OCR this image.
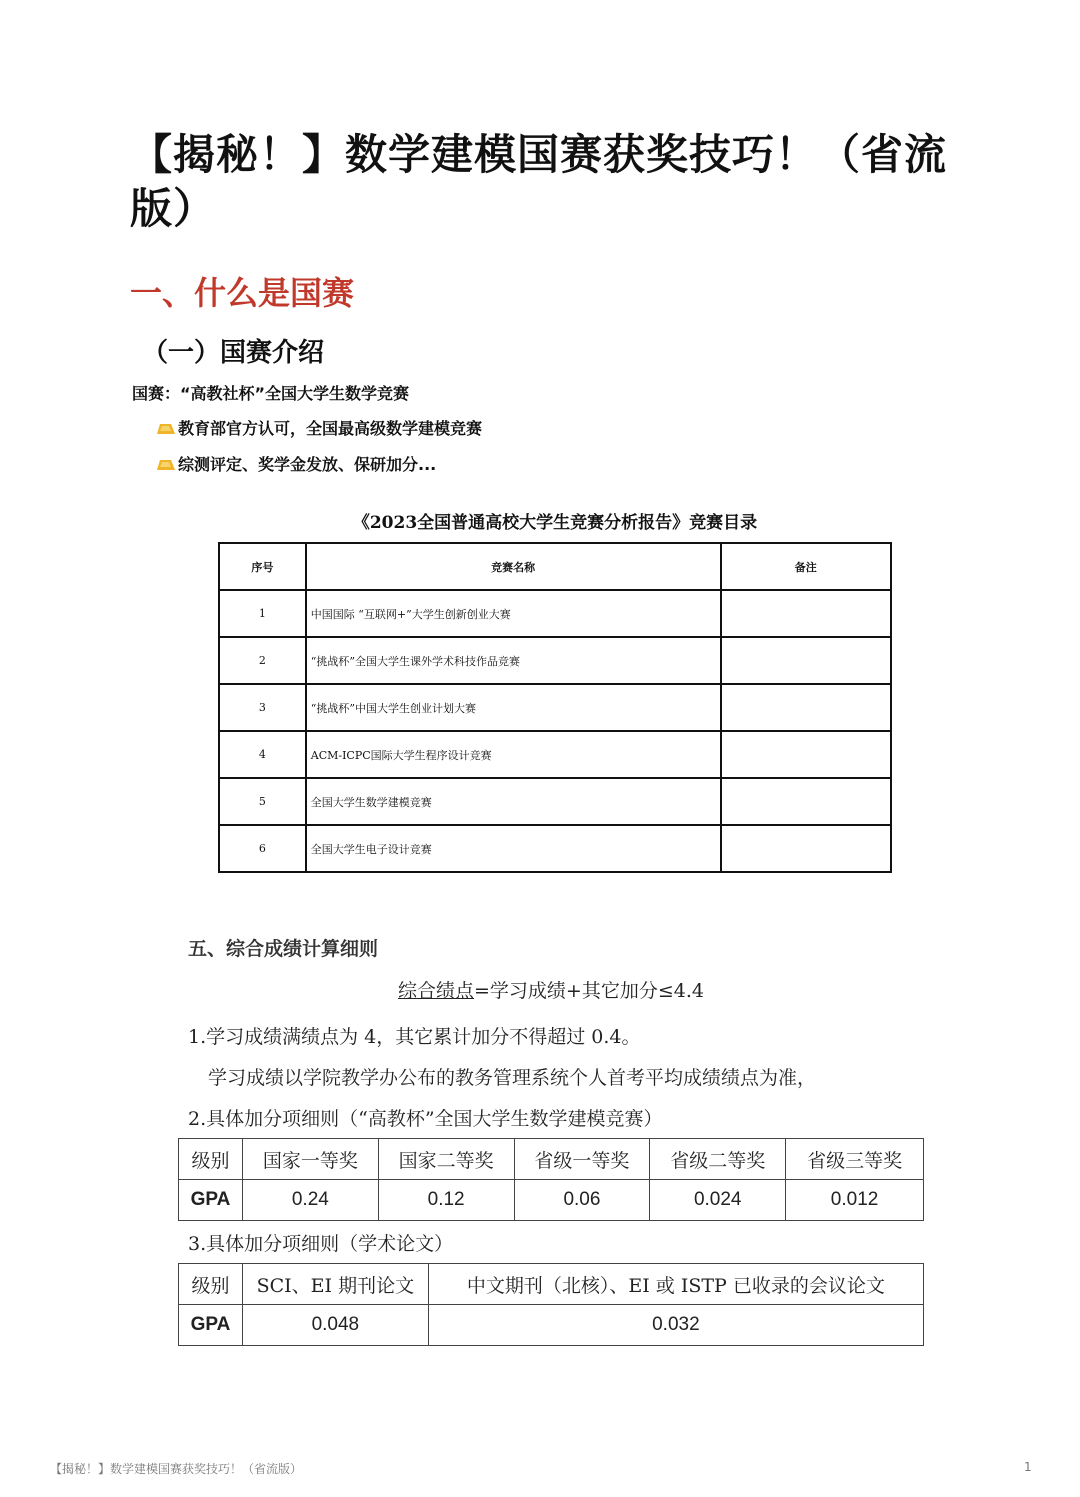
【揭秘！】数学建模国赛获奖技巧！（省流版）
一、什么是国赛
（一）国赛介绍
国赛：“高教社杯”全国大学生数学竞赛
教育部官方认可，全国最高级数学建模竞赛
综测评定、奖学金发放、保研加分...
《2023全国普通高校大学生竞赛分析报告》竞赛目录
序号	竞赛名称	备注
1	中国国际 “互联网+”大学生创新创业大赛	
2	“挑战杯”全国大学生课外学术科技作品竞赛	
3	“挑战杯”中国大学生创业计划大赛	
4	ACM-ICPC国际大学生程序设计竞赛	
5	全国大学生数学建模竞赛	
6	全国大学生电子设计竞赛	
五、综合成绩计算细则
综合绩点=学习成绩+其它加分≤4.4
1.学习成绩满绩点为 4，其它累计加分不得超过 0.4。
学习成绩以学院教学办公布的教务管理系统个人首考平均成绩绩点为准，
2.具体加分项细则（“高教杯”全国大学生数学建模竞赛）
级别	国家一等奖	国家二等奖	省级一等奖	省级二等奖	省级三等奖
GPA	0.24	0.12	0.06	0.024	0.012
3.具体加分项细则（学术论文）
级别	SCI、EI 期刊论文	中文期刊（北核）、EI 或 ISTP 已收录的会议论文
GPA	0.048	0.032
【揭秘！】数学建模国赛获奖技巧！（省流版）	1
